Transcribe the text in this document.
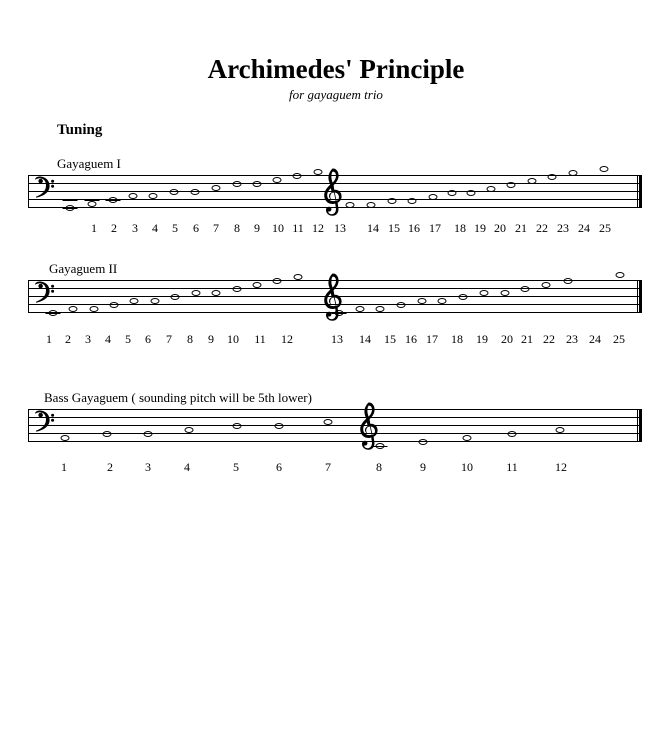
Archimedes' Principle
for gayaguem trio
Tuning
Gayaguem I
1 2 3 4 5 6 7 8 9 10 11 12 13 14 15 16 17 18 19 20 21 22 23 24 25
Gayaguem II
1 2 3 4 5 6 7 8 9 10 11 12	13 14 15 16 17 18 19 20 21 22 23 24 25
Bass Gayaguem ( sounding pitch will be 5th lower)
1	2	3	4	5	6	7	8	9	10	11	12
